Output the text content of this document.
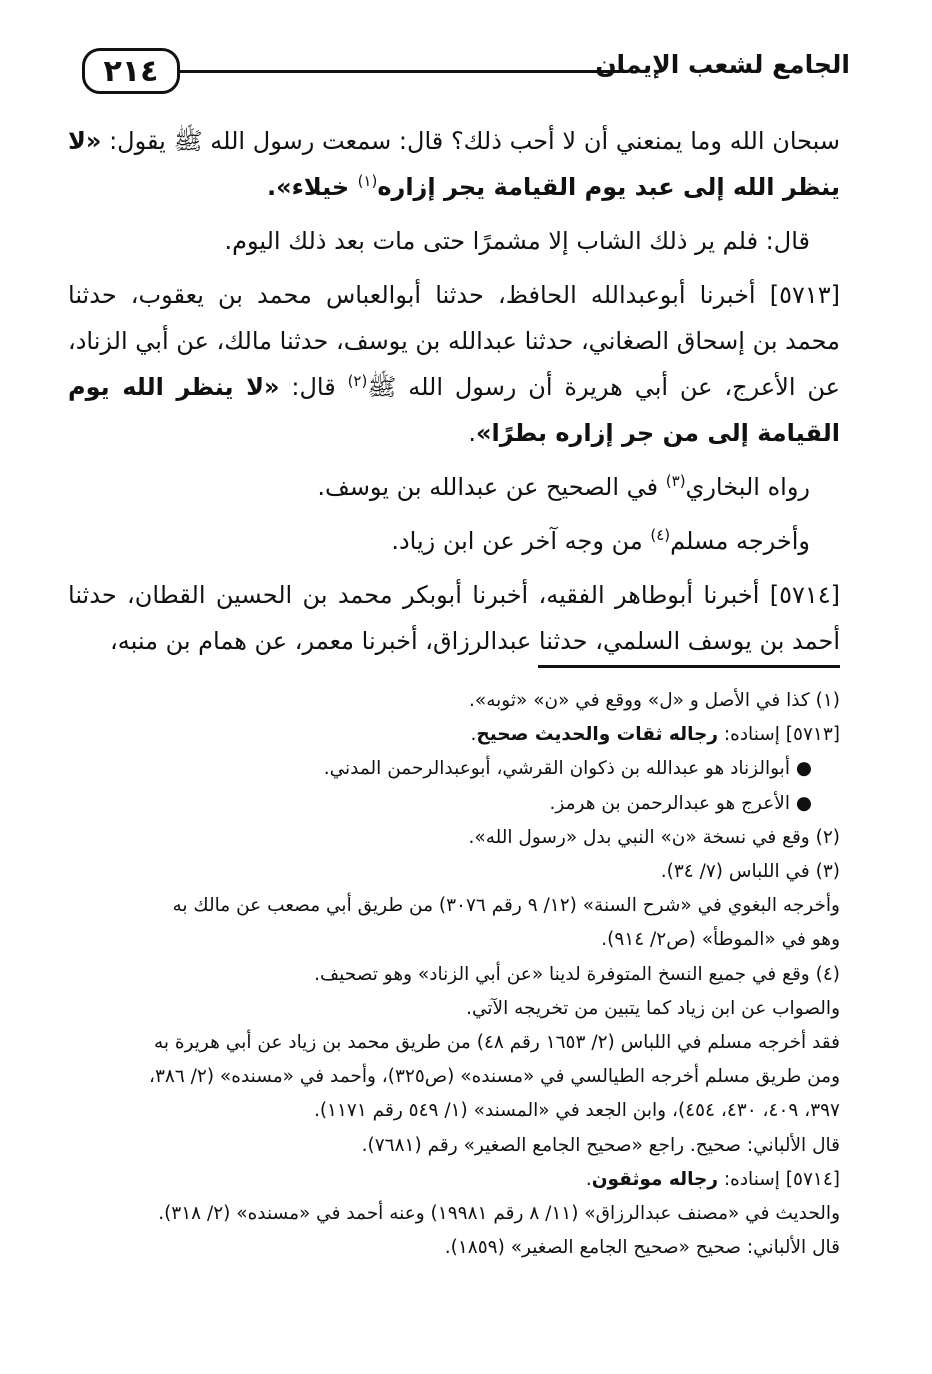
٢١٤	الجامع لشعب الإيمان

سبحان الله وما يمنعني أن لا أحب ذلك؟ قال: سمعت رسول الله ﷺ يقول: «لا ينظر الله إلى عبد يوم القيامة يجر إزاره$^{(١)}$ خيلاء».

قال: فلم ير ذلك الشاب إلا مشمرًا حتى مات بعد ذلك اليوم.

[٥٧١٣] أخبرنا أبوعبدالله الحافظ، حدثنا أبوالعباس محمد بن يعقوب، حدثنا محمد بن إسحاق الصغاني، حدثنا عبدالله بن يوسف، حدثنا مالك، عن أبي الزناد، عن الأعرج، عن أبي هريرة أن رسول الله ﷺ$^{(٢)}$ قال: «لا ينظر الله يوم القيامة إلى من جر إزاره بطرًا».

رواه البخاري$^{(٣)}$ في الصحيح عن عبدالله بن يوسف.

وأخرجه مسلم$^{(٤)}$ من وجه آخر عن ابن زياد.

[٥٧١٤] أخبرنا أبوطاهر الفقيه، أخبرنا أبوبكر محمد بن الحسين القطان، حدثنا أحمد بن يوسف السلمي، حدثنا عبدالرزاق، أخبرنا معمر، عن همام بن منبه،

(١) كذا في الأصل و «ل» ووقع في «ن» «ثوبه».

[٥٧١٣] إسناده: رجاله ثقات والحديث صحيح.

● أبوالزناد هو عبدالله بن ذكوان القرشي، أبوعبدالرحمن المدني.

● الأعرج هو عبدالرحمن بن هرمز.

(٢) وقع في نسخة «ن» النبي بدل «رسول الله».

(٣) في اللباس (٧/ ٣٤).

وأخرجه البغوي في «شرح السنة» (١٢/ ٩ رقم ٣٠٧٦) من طريق أبي مصعب عن مالك به

وهو في «الموطأ» (ص٢/ ٩١٤).

(٤) وقع في جميع النسخ المتوفرة لدينا «عن أبي الزناد» وهو تصحيف.

والصواب عن ابن زياد كما يتبين من تخريجه الآتي.

فقد أخرجه مسلم في اللباس (٢/ ١٦٥٣ رقم ٤٨) من طريق محمد بن زياد عن أبي هريرة به

ومن طريق مسلم أخرجه الطيالسي في «مسنده» (ص٣٢٥)، وأحمد في «مسنده» (٢/ ٣٨٦،

٣٩٧، ٤٠٩، ٤٣٠، ٤٥٤)، وابن الجعد في «المسند» (١/ ٥٤٩ رقم ١١٧١).

قال الألباني: صحيح. راجع «صحيح الجامع الصغير» رقم (٧٦٨١).

[٥٧١٤] إسناده: رجاله موثقون.

والحديث في «مصنف عبدالرزاق» (١١/ ٨ رقم ١٩٩٨١) وعنه أحمد في «مسنده» (٢/ ٣١٨).

قال الألباني: صحيح «صحيح الجامع الصغير» (١٨٥٩).
